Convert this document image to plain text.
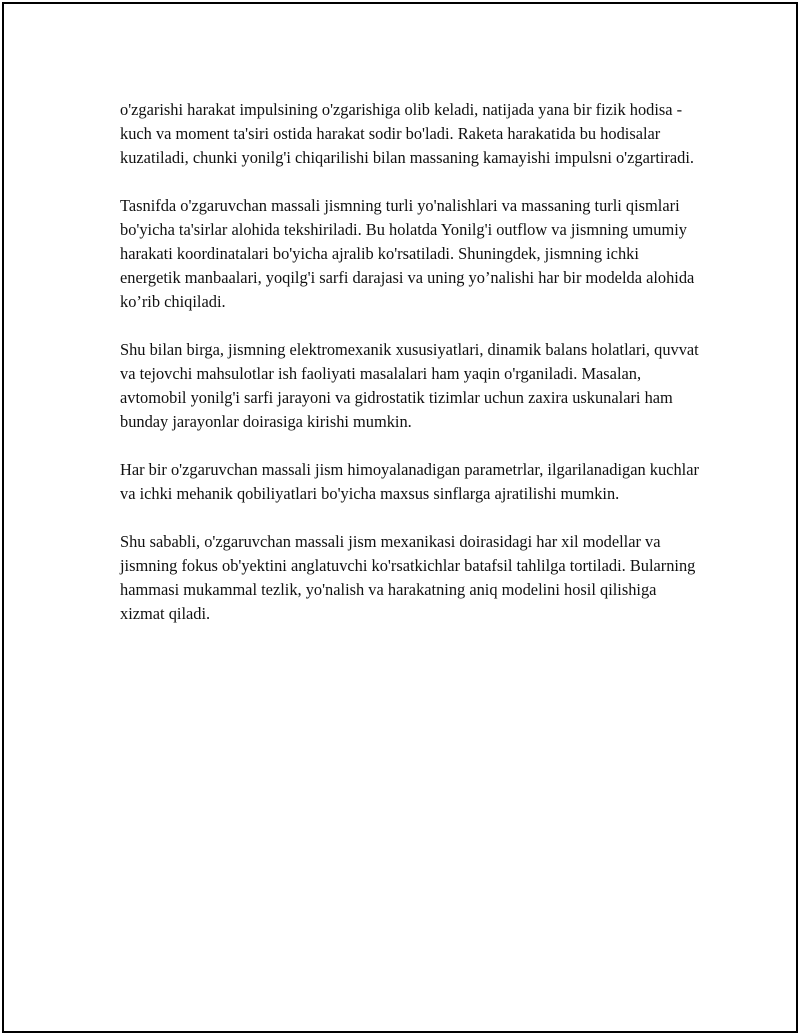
o'zgarishi harakat impulsining o'zgarishiga olib keladi, natijada yana bir fizik hodisa - kuch va moment ta'siri ostida harakat sodir bo'ladi. Raketa harakatida bu hodisalar kuzatiladi, chunki yonilg'i chiqarilishi bilan massaning kamayishi impulsni o'zgartiradi.

Tasnifda o'zgaruvchan massali jismning turli yo'nalishlari va massaning turli qismlari bo'yicha ta'sirlar alohida tekshiriladi. Bu holatda Yonilg'i outflow va jismning umumiy harakati koordinatalari bo'yicha ajralib ko'rsatiladi. Shuningdek, jismning ichki energetik manbaalari, yoqilg'i sarfi darajasi va uning yo’nalishi har bir modelda alohida ko’rib chiqiladi.

Shu bilan birga, jismning elektromexanik xususiyatlari, dinamik balans holatlari, quvvat va tejovchi mahsulotlar ish faoliyati masalalari ham yaqin o'rganiladi. Masalan, avtomobil yonilg'i sarfi jarayoni va gidrostatik tizimlar uchun zaxira uskunalari ham bunday jarayonlar doirasiga kirishi mumkin.

Har bir o'zgaruvchan massali jism himoyalanadigan parametrlar, ilgarilanadigan kuchlar va ichki mehanik qobiliyatlari bo'yicha maxsus sinflarga ajratilishi mumkin.

Shu sababli, o'zgaruvchan massali jism mexanikasi doirasidagi har xil modellar va jismning fokus ob'yektini anglatuvchi ko'rsatkichlar batafsil tahlilga tortiladi. Bularning hammasi mukammal tezlik, yo'nalish va harakatning aniq modelini hosil qilishiga xizmat qiladi.
